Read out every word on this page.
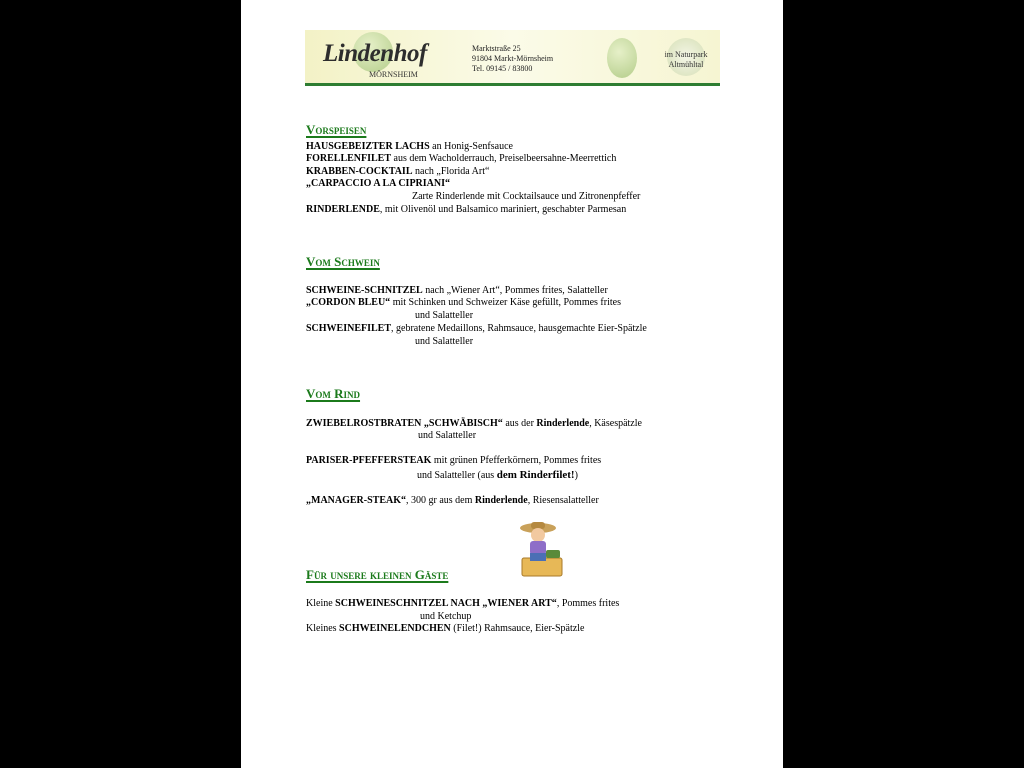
Lindenhof
MÖRNSHEIM
Marktstraße 25
91804 Markt-Mörnsheim
Tel. 09145 / 83800
im Naturpark
Altmühltal
Vorspeisen
HAUSGEBEIZTER LACHS an Honig-Senfsauce
FORELLENFILET aus dem Wacholderrauch, Preiselbeersahne-Meerrettich
KRABBEN-COCKTAIL nach „Florida Art“
„CARPACCIO A LA CIPRIANI“
Zarte Rinderlende mit Cocktailsauce und Zitronenpfeffer
RINDERLENDE, mit Olivenöl und Balsamico mariniert, geschabter Parmesan
Vom Schwein
SCHWEINE-SCHNITZEL nach „Wiener Art“, Pommes frites, Salatteller
„CORDON BLEU“ mit Schinken und Schweizer Käse gefüllt, Pommes frites
und Salatteller
SCHWEINEFILET, gebratene Medaillons, Rahmsauce, hausgemachte Eier-Spätzle
und Salatteller
Vom Rind
ZWIEBELROSTBRATEN „SCHWÄBISCH“ aus der Rinderlende, Käsespätzle
und Salatteller
PARISER-PFEFFERSTEAK mit grünen Pfefferkörnern, Pommes frites
und Salatteller (aus dem Rinderfilet!)
„MANAGER-STEAK“, 300 gr aus dem Rinderlende, Riesensalatteller
Für unsere kleinen Gäste
Kleine SCHWEINESCHNITZEL NACH „WIENER ART“, Pommes frites
und Ketchup
Kleines SCHWEINELENDCHEN (Filet!) Rahmsauce, Eier-Spätzle
